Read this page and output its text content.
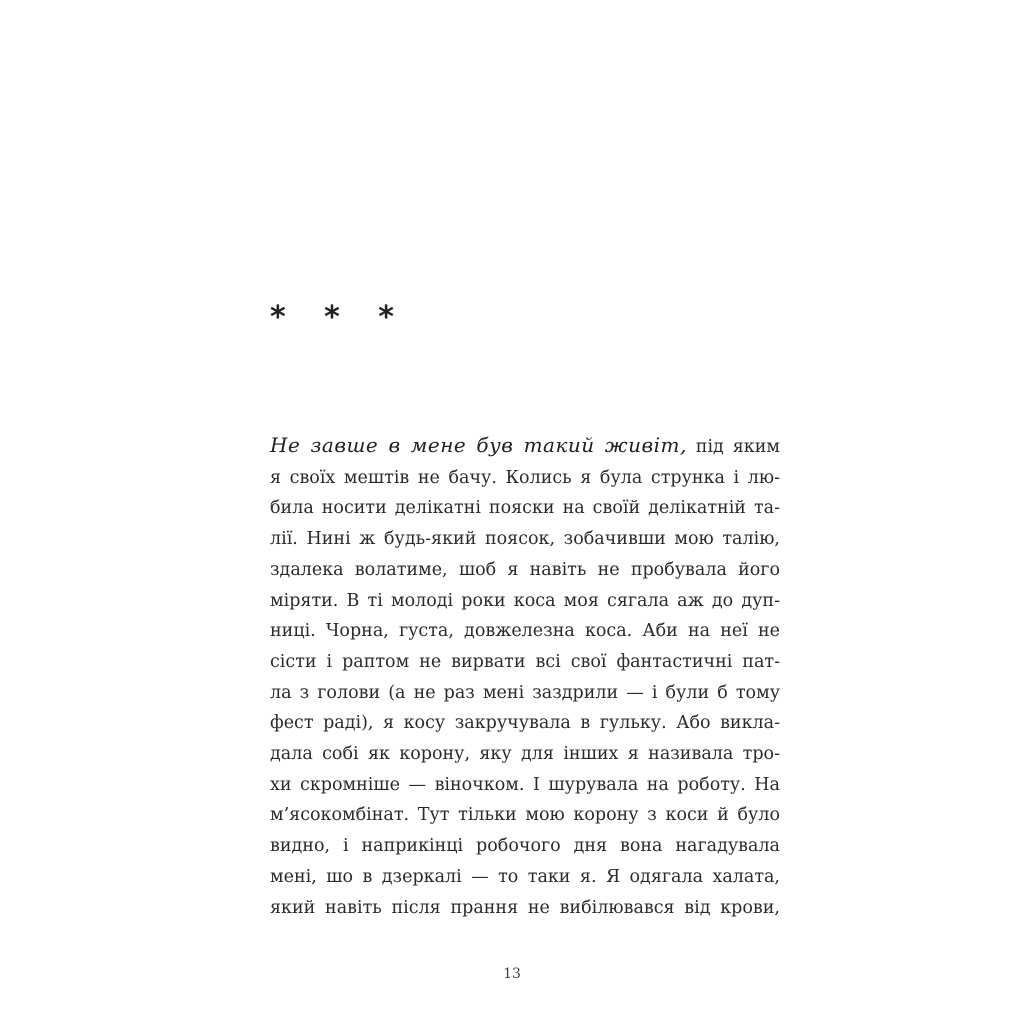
* * *
Не завше в мене був такий живіт, під яким
я своїх мештів не бачу. Колись я була струнка і лю-
била носити делікатні пояски на своїй делікатній та-
лії. Нині ж будь-який поясок, зобачивши мою талію,
здалека волатиме, шоб я навіть не пробувала його
міряти. В ті молоді роки коса моя сягала аж до дуп-
ниці. Чорна, густа, довжелезна коса. Аби на неї не
сісти і раптом не вирвати всі свої фантастичні пат-
ла з голови (а не раз мені заздрили — і були б тому
фест раді), я косу закручувала в гульку. Або викла-
дала собі як корону, яку для інших я називала тро-
хи скромніше — віночком. І шурувала на роботу. На
м’ясокомбінат. Тут тільки мою корону з коси й було
видно, і наприкінці робочого дня вона нагадувала
мені, шо в дзеркалі — то таки я. Я одягала халата,
який навіть після прання не вибілювався від крови,
13
